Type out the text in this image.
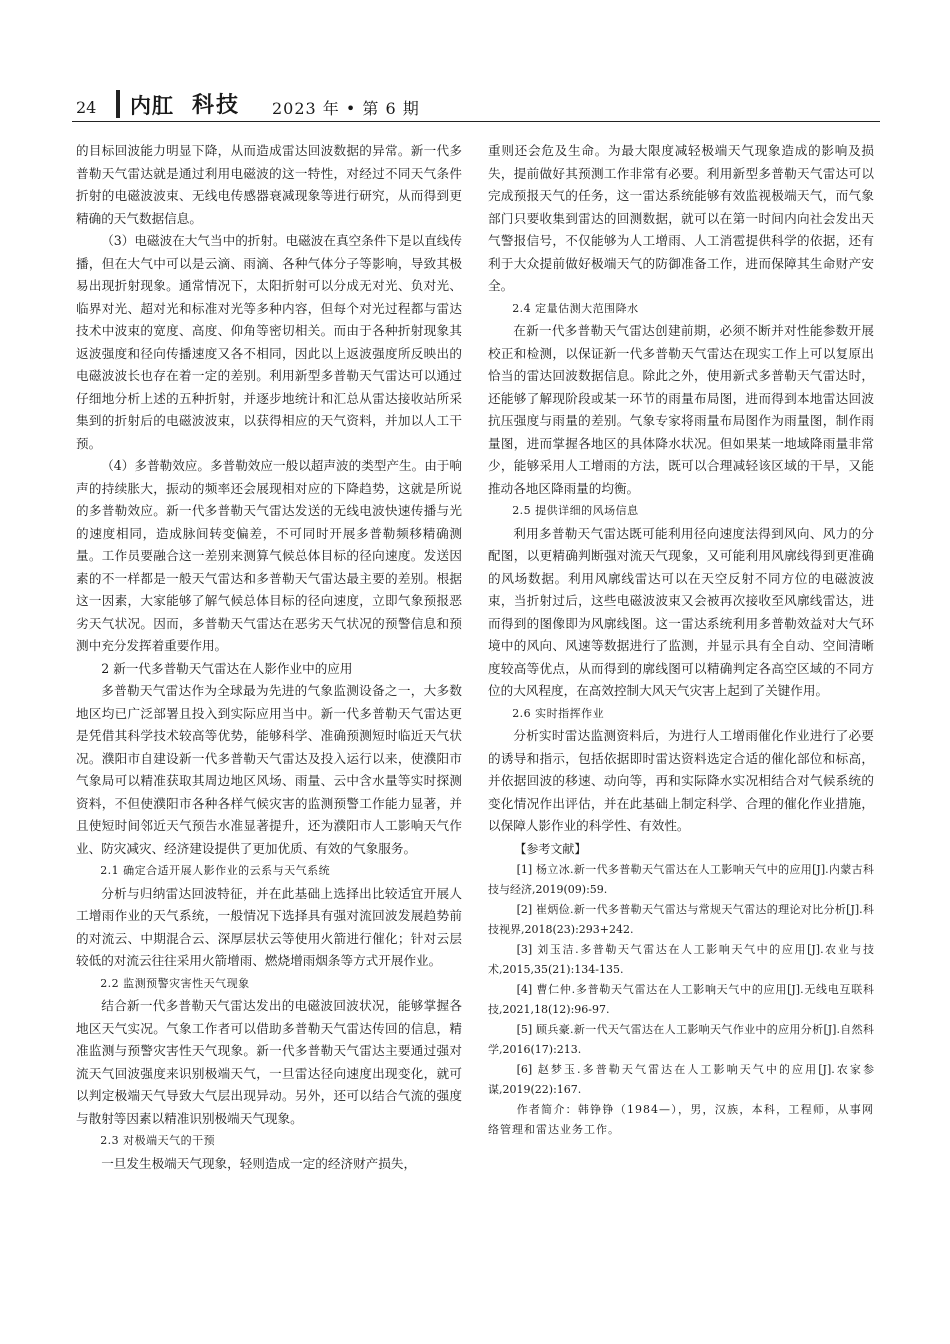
24 内肛 科技 2023 年 • 第 6 期

的目标回波能力明显下降，从而造成雷达回波数据的异常。新一代多普勒天气雷达就是通过利用电磁波的这一特性，对经过不同天气条件折射的电磁波波束、无线电传感器衰减现象等进行研究，从而得到更精确的天气数据信息。

（3）电磁波在大气当中的折射。电磁波在真空条件下是以直线传播，但在大气中可以是云滴、雨滴、各种气体分子等影响，导致其极易出现折射现象。通常情况下，太阳折射可以分成无对光、负对光、临界对光、超对光和标准对光等多种内容，但每个对光过程都与雷达技术中波束的宽度、高度、仰角等密切相关。而由于各种折射现象其返波强度和径向传播速度又各不相同，因此以上返波强度所反映出的电磁波波长也存在着一定的差别。利用新型多普勒天气雷达可以通过仔细地分析上述的五种折射，并逐步地统计和汇总从雷达接收站所采集到的折射后的电磁波波束，以获得相应的天气资料，并加以人工干预。

（4）多普勒效应。多普勒效应一般以超声波的类型产生。由于响声的持续胀大，振动的频率还会展现相对应的下降趋势，这就是所说的多普勒效应。新一代多普勒天气雷达发送的无线电波快速传播与光的速度相同，造成脉间转变偏差，不可同时开展多普勒频移精确测量。工作员要融合这一差别来测算气候总体目标的径向速度。发送因素的不一样都是一般天气雷达和多普勒天气雷达最主要的差别。根据这一因素，大家能够了解气候总体目标的径向速度，立即气象预报恶劣天气状况。因而，多普勒天气雷达在恶劣天气状况的预警信息和预测中充分发挥着重要作用。

2 新一代多普勒天气雷达在人影作业中的应用

多普勒天气雷达作为全球最为先进的气象监测设备之一，大多数地区均已广泛部署且投入到实际应用当中。新一代多普勒天气雷达更是凭借其科学技术较高等优势，能够科学、准确预测短时临近天气状况。濮阳市自建设新一代多普勒天气雷达及投入运行以来，使濮阳市气象局可以精准获取其周边地区风场、雨量、云中含水量等实时探测资料，不但使濮阳市各种各样气候灾害的监测预警工作能力显著，并且使短时间邻近天气预告水准显著提升，还为濮阳市人工影响天气作业、防灾减灾、经济建设提供了更加优质、有效的气象服务。

2.1 确定合适开展人影作业的云系与天气系统

分析与归纳雷达回波特征，并在此基础上选择出比较适宜开展人工增雨作业的天气系统，一般情况下选择具有强对流回波发展趋势前的对流云、中期混合云、深厚层状云等使用火箭进行催化；针对云层较低的对流云往往采用火箭增雨、燃烧增雨烟条等方式开展作业。

2.2 监测预警灾害性天气现象

结合新一代多普勒天气雷达发出的电磁波回波状况，能够掌握各地区天气实况。气象工作者可以借助多普勒天气雷达传回的信息，精准监测与预警灾害性天气现象。新一代多普勒天气雷达主要通过强对流天气回波强度来识别极端天气，一旦雷达径向速度出现变化，就可以判定极端天气导致大气层出现异动。另外，还可以结合气流的强度与散射等因素以精准识别极端天气现象。

2.3 对极端天气的干预

一旦发生极端天气现象，轻则造成一定的经济财产损失，

重则还会危及生命。为最大限度减轻极端天气现象造成的影响及损失，提前做好其预测工作非常有必要。利用新型多普勒天气雷达可以完成预报天气的任务，这一雷达系统能够有效监视极端天气，而气象部门只要收集到雷达的回测数据，就可以在第一时间内向社会发出天气警报信号，不仅能够为人工增雨、人工消雹提供科学的依据，还有利于大众提前做好极端天气的防御准备工作，进而保障其生命财产安全。

2.4 定量估测大范围降水

在新一代多普勒天气雷达创建前期，必须不断并对性能参数开展校正和检测，以保证新一代多普勒天气雷达在现实工作上可以复原出恰当的雷达回波数据信息。除此之外，使用新式多普勒天气雷达时，还能够了解现阶段或某一环节的雨量布局图，进而得到本地雷达回波抗压强度与雨量的差别。气象专家将雨量布局图作为雨量图，制作雨量图，进而掌握各地区的具体降水状况。但如果某一地域降雨量非常少，能够采用人工增雨的方法，既可以合理减轻该区域的干旱，又能推动各地区降雨量的均衡。

2.5 提供详细的风场信息

利用多普勒天气雷达既可能利用径向速度法得到风向、风力的分配图，以更精确判断强对流天气现象，又可能利用风廓线得到更准确的风场数据。利用风廓线雷达可以在天空反射不同方位的电磁波波束，当折射过后，这些电磁波波束又会被再次接收至风廓线雷达，进而得到的图像即为风廓线图。这一雷达系统利用多普勒效益对大气环境中的风向、风速等数据进行了监测，并显示具有全自动、空间清晰度较高等优点，从而得到的廓线图可以精确判定各高空区域的不同方位的大风程度，在高效控制大风天气灾害上起到了关键作用。

2.6 实时指挥作业

分析实时雷达监测资料后，为进行人工增雨催化作业进行了必要的诱导和指示，包括依据即时雷达资料选定合适的催化部位和标高，并依据回波的移速、动向等，再和实际降水实况相结合对气候系统的变化情况作出评估，并在此基础上制定科学、合理的催化作业措施，以保障人影作业的科学性、有效性。

【参考文献】

[1] 杨立冰.新一代多普勒天气雷达在人工影响天气中的应用[J].内蒙古科技与经济,2019(09):59.

[2] 崔炳俭.新一代多普勒天气雷达与常规天气雷达的理论对比分析[J].科技视界,2018(23):293+242.

[3] 刘玉洁.多普勒天气雷达在人工影响天气中的应用[J].农业与技术,2015,35(21):134-135.

[4] 曹仁仲.多普勒天气雷达在人工影响天气中的应用[J].无线电互联科技,2021,18(12):96-97.

[5] 顾兵豪.新一代天气雷达在人工影响天气作业中的应用分析[J].自然科学,2016(17):213.

[6] 赵梦玉.多普勒天气雷达在人工影响天气中的应用[J].农家参谋,2019(22):167.

作者简介：韩铮铮（1984—），男，汉族，本科，工程师，从事网络管理和雷达业务工作。
